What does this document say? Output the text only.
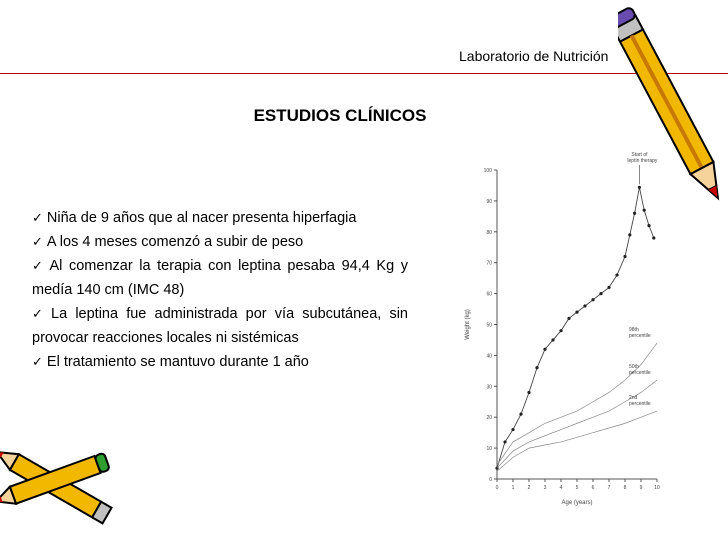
Laboratorio de Nutrición
ESTUDIOS CLÍNICOS

✓ Niña de 9 años que al nacer presenta hiperfagia

✓ A los 4 meses comenzó a subir de peso

✓ Al comenzar la terapia con leptina pesaba 94,4 Kg y medía 140 cm (IMC 48)

✓ La leptina fue administrada por vía subcutánea, sin provocar reacciones locales ni sistémicas

✓ El tratamiento se mantuvo durante 1 año

0
10
20
30
40
50
60
70
80
90
100
0	1	2	3	4	5	6	7	8	9 10
Age (years)
Weight (kg)	98th
percentile
50th
percentile
2nd
percentile
Start of
leptin therapy
